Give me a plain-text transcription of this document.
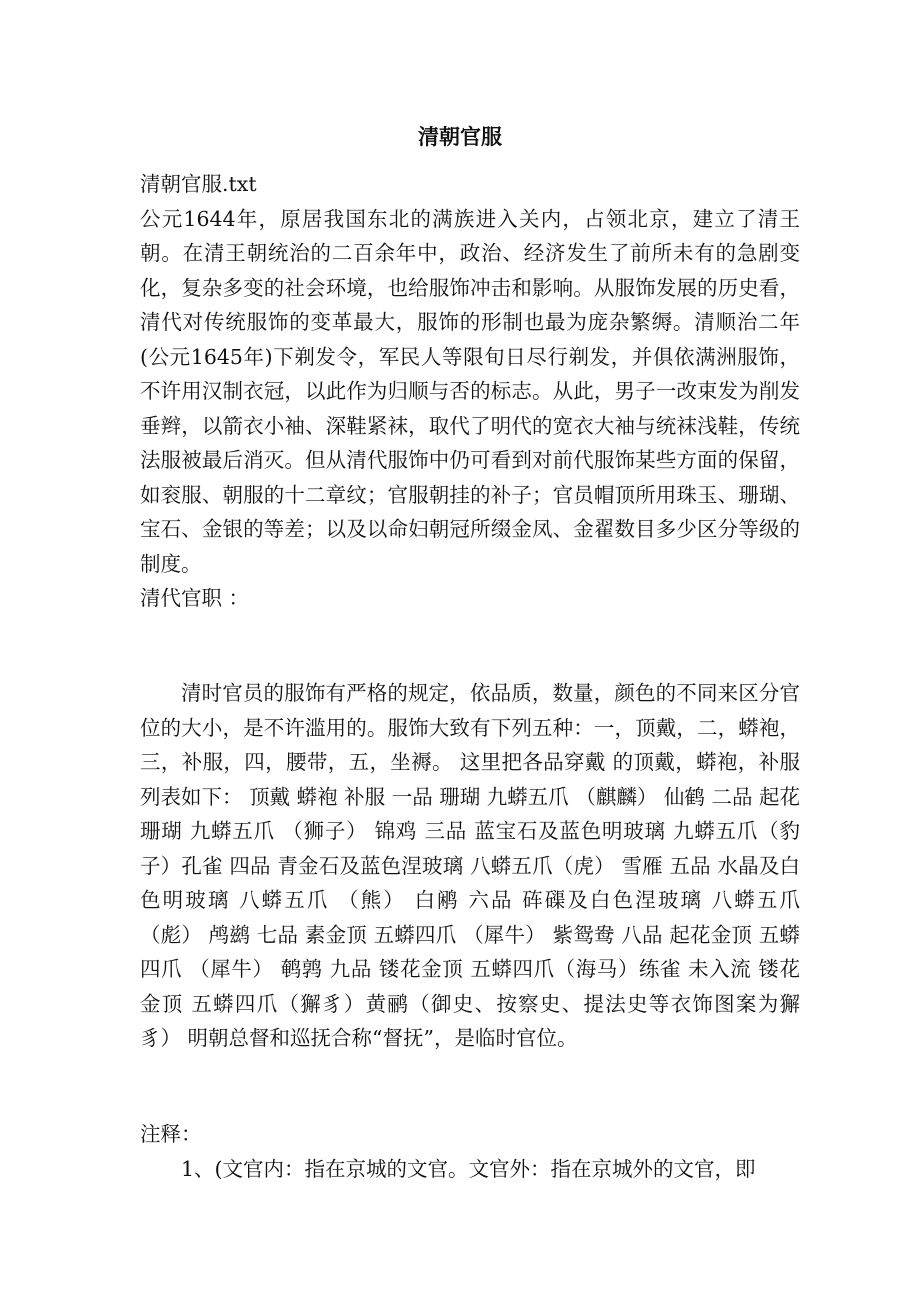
清朝官服
清朝官服.txt
公元1644年，原居我国东北的满族进入关内，占领北京，建立了清王朝。在清王朝统治的二百余年中，政治、经济发生了前所未有的急剧变化，复杂多变的社会环境，也给服饰冲击和影响。从服饰发展的历史看，清代对传统服饰的变革最大，服饰的形制也最为庞杂繁缛。清顺治二年(公元1645年)下剃发令，军民人等限旬日尽行剃发，并俱依满洲服饰，不许用汉制衣冠，以此作为归顺与否的标志。从此，男子一改束发为削发垂辫，以箭衣小袖、深鞋紧袜，取代了明代的宽衣大袖与统袜浅鞋，传统法服被最后消灭。但从清代服饰中仍可看到对前代服饰某些方面的保留，如衮服、朝服的十二章纹；官服朝挂的补子；官员帽顶所用珠玉、珊瑚、宝石、金银的等差；以及以命妇朝冠所缀金凤、金翟数目多少区分等级的制度。
清代官职 ：

清时官员的服饰有严格的规定，依品质，数量，颜色的不同来区分官位的大小，是不许滥用的。服饰大致有下列五种：一，顶戴，二，蟒袍，三，补服，四，腰带，五，坐褥。 这里把各品穿戴 的顶戴，蟒袍，补服列表如下： 顶戴 蟒袍 补服 一品 珊瑚 九蟒五爪 （麒麟） 仙鹤 二品 起花珊瑚 九蟒五爪 （狮子） 锦鸡 三品 蓝宝石及蓝色明玻璃 九蟒五爪（豹子）孔雀 四品 青金石及蓝色涅玻璃 八蟒五爪（虎） 雪雁 五品 水晶及白色明玻璃 八蟒五爪 （熊） 白鹇 六品 砗磲及白色涅玻璃 八蟒五爪 （彪） 鸬鹚 七品 素金顶 五蟒四爪 （犀牛） 紫鸳鸯 八品 起花金顶 五蟒四爪 （犀牛） 鹌鹑 九品 镂花金顶 五蟒四爪（海马）练雀 未入流 镂花金顶 五蟒四爪（獬豸）黄鹂（御史、按察史、提法史等衣饰图案为獬豸） 明朝总督和巡抚合称“督抚”，是临时官位。

注释：
1、(文官内：指在京城的文官。文官外：指在京城外的文官，即
